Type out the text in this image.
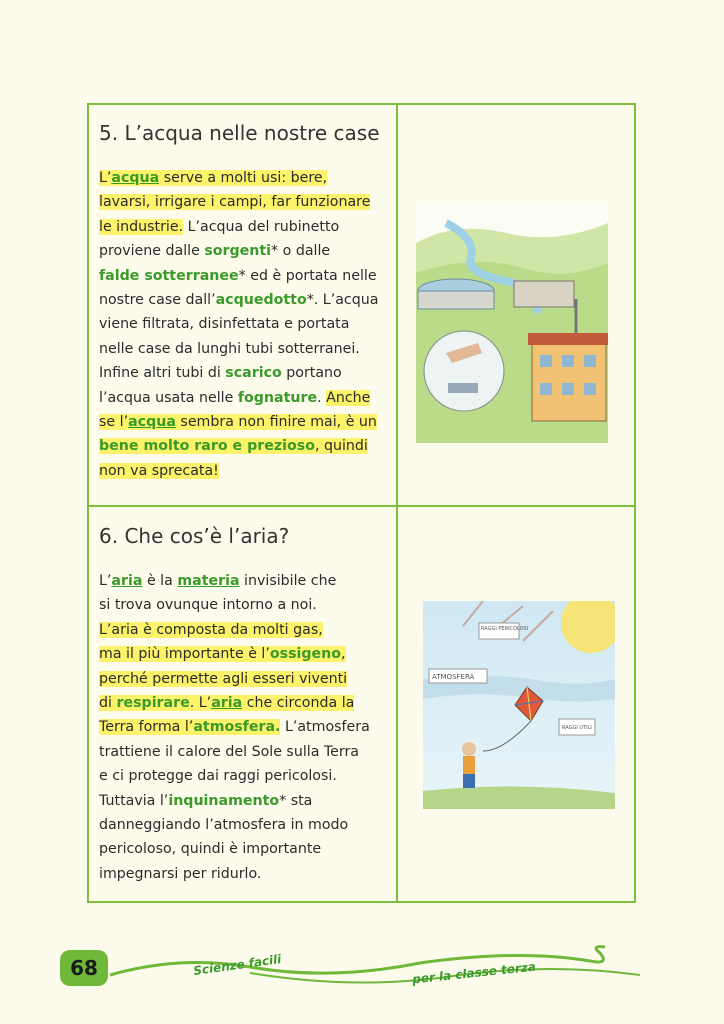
5. L’acqua nelle nostre case
L’acqua serve a molti usi: bere,
lavarsi, irrigare i campi, far funzionare
le industrie. L’acqua del rubinetto
proviene dalle sorgenti* o dalle
falde sotterranee* ed è portata nelle
nostre case dall’acquedotto*. L’acqua
viene filtrata, disinfettata e portata
nelle case da lunghi tubi sotterranei.
Infine altri tubi di scarico portano
l’acqua usata nelle fognature. Anche
se l’acqua sembra non finire mai, è un
bene molto raro e prezioso, quindi
non va sprecata!
6. Che cos’è l’aria?
L’aria è la materia invisibile che
si trova ovunque intorno a noi.
L’aria è composta da molti gas,
ma il più importante è l’ossigeno,
perché permette agli esseri viventi
di respirare. L’aria che circonda la
Terra forma l’atmosfera. L’atmosfera
trattiene il calore del Sole sulla Terra
e ci protegge dai raggi pericolosi.
Tuttavia l’inquinamento* sta
danneggiando l’atmosfera in modo
pericoloso, quindi è importante
impegnarsi per ridurlo.
RAGGI PERICOLOSI
ATMOSFERA
RAGGI UTILI
68	Scienze facili	per la classe terza
